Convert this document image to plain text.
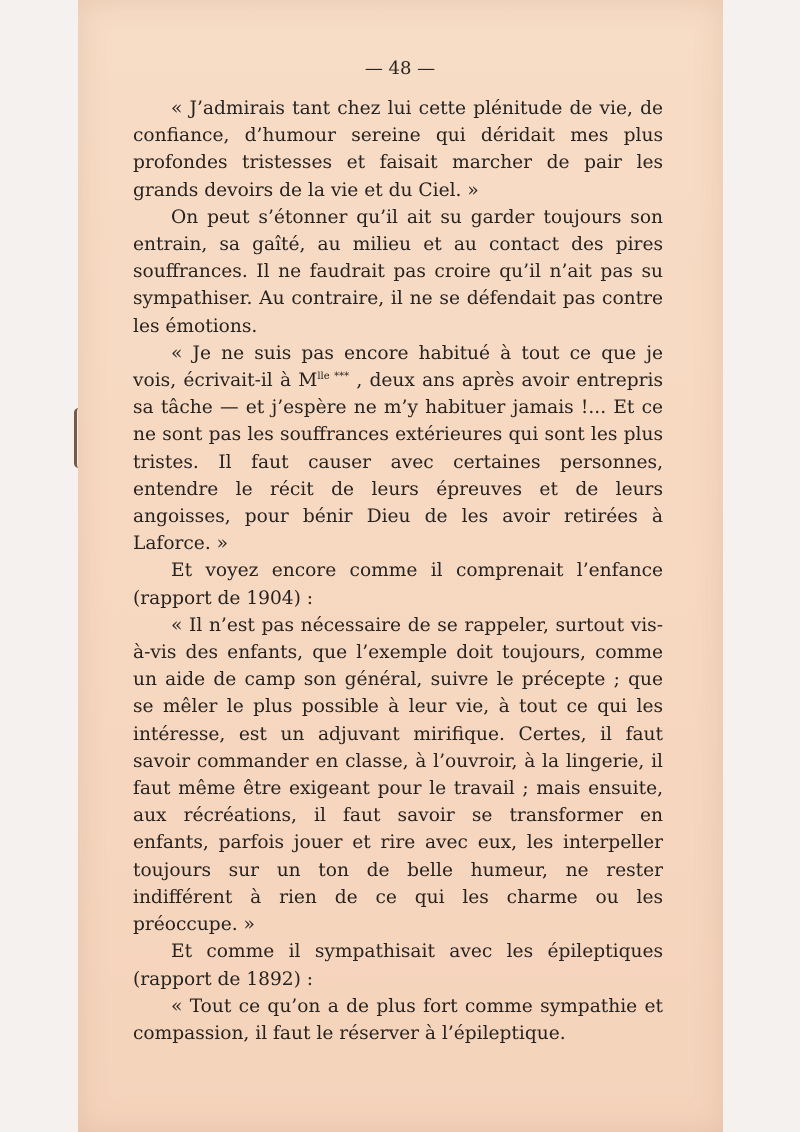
— 48 —

« J’admirais tant chez lui cette plénitude de vie, de confiance, d’humour sereine qui déridait mes plus profondes tristesses et faisait marcher de pair les grands devoirs de la vie et du Ciel. »

On peut s’étonner qu’il ait su garder toujours son entrain, sa gaîté, au milieu et au contact des pires souffrances. Il ne faudrait pas croire qu’il n’ait pas su sympathiser. Au contraire, il ne se défendait pas contre les émotions.

« Je ne suis pas encore habitué à tout ce que je vois, écrivait-il à $M^{lle ***}$ , deux ans après avoir entrepris sa tâche — et j’espère ne m’y habituer jamais !... Et ce ne sont pas les souffrances extérieures qui sont les plus tristes. Il faut causer avec certaines personnes, entendre le récit de leurs épreuves et de leurs angoisses, pour bénir Dieu de les avoir retirées à Laforce. »

Et voyez encore comme il comprenait l’enfance (rapport de 1904) :

« Il n’est pas nécessaire de se rappeler, surtout vis-à-vis des enfants, que l’exemple doit toujours, comme un aide de camp son général, suivre le précepte ; que se mêler le plus possible à leur vie, à tout ce qui les intéresse, est un adjuvant mirifique. Certes, il faut savoir commander en classe, à l’ouvroir, à la lingerie, il faut même être exigeant pour le travail ; mais ensuite, aux récréations, il faut savoir se transformer en enfants, parfois jouer et rire avec eux, les interpeller toujours sur un ton de belle humeur, ne rester indifférent à rien de ce qui les charme ou les préoccupe. »

Et comme il sympathisait avec les épileptiques (rapport de 1892) :

« Tout ce qu’on a de plus fort comme sympathie et compassion, il faut le réserver à l’épileptique.
